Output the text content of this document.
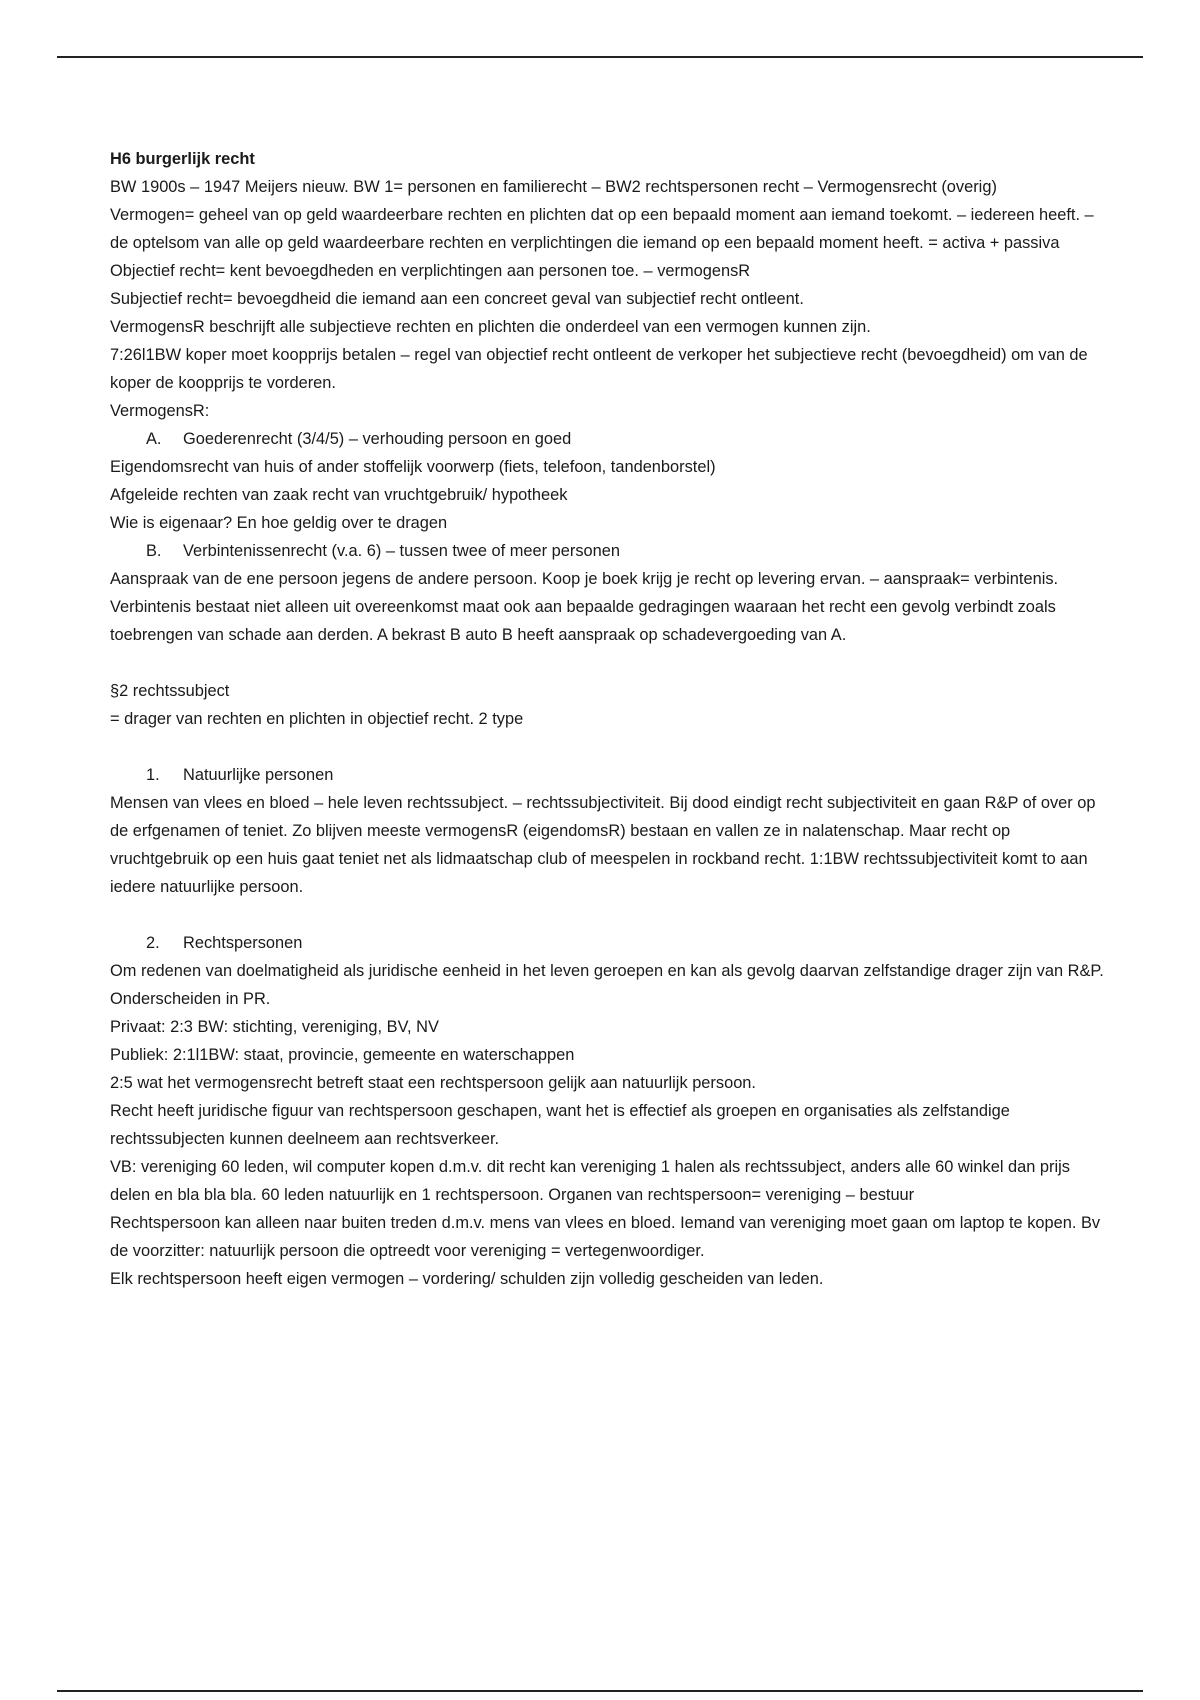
H6 burgerlijk recht

BW 1900s – 1947 Meijers nieuw. BW 1= personen en familierecht – BW2 rechtspersonen recht – Vermogensrecht (overig)

Vermogen= geheel van op geld waardeerbare rechten en plichten dat op een bepaald moment aan iemand toekomt. – iedereen heeft. – de optelsom van alle op geld waardeerbare rechten en verplichtingen die iemand op een bepaald moment heeft. = activa + passiva

Objectief recht= kent bevoegdheden en verplichtingen aan personen toe. – vermogensR

Subjectief recht= bevoegdheid die iemand aan een concreet geval van subjectief recht ontleent.

VermogensR beschrijft alle subjectieve rechten en plichten die onderdeel van een vermogen kunnen zijn.

7:26l1BW koper moet koopprijs betalen – regel van objectief recht ontleent de verkoper het subjectieve recht (bevoegdheid) om van de koper de koopprijs te vorderen.

VermogensR:

A.	Goederenrecht (3/4/5) – verhouding persoon en goed

Eigendomsrecht van huis of ander stoffelijk voorwerp (fiets, telefoon, tandenborstel)

Afgeleide rechten van zaak recht van vruchtgebruik/ hypotheek

Wie is eigenaar? En hoe geldig over te dragen

B.	Verbintenissenrecht (v.a. 6) – tussen twee of meer personen

Aanspraak van de ene persoon jegens de andere persoon. Koop je boek krijg je recht op levering ervan. – aanspraak= verbintenis. Verbintenis bestaat niet alleen uit overeenkomst maat ook aan bepaalde gedragingen waaraan het recht een gevolg verbindt zoals toebrengen van schade aan derden. A bekrast B auto B heeft aanspraak op schadevergoeding van A.

§2 rechtssubject

= drager van rechten en plichten in objectief recht. 2 type

1.	Natuurlijke personen

Mensen van vlees en bloed – hele leven rechtssubject. – rechtssubjectiviteit. Bij dood eindigt recht subjectiviteit en gaan R&P of over op de erfgenamen of teniet. Zo blijven meeste vermogensR (eigendomsR) bestaan en vallen ze in nalatenschap. Maar recht op vruchtgebruik op een huis gaat teniet net als lidmaatschap club of meespelen in rockband recht. 1:1BW rechtssubjectiviteit komt to aan iedere natuurlijke persoon.

2.	Rechtspersonen

Om redenen van doelmatigheid als juridische eenheid in het leven geroepen en kan als gevolg daarvan zelfstandige drager zijn van R&P. Onderscheiden in PR.

Privaat: 2:3 BW: stichting, vereniging, BV, NV

Publiek: 2:1l1BW: staat, provincie, gemeente en waterschappen

2:5 wat het vermogensrecht betreft staat een rechtspersoon gelijk aan natuurlijk persoon.

Recht heeft juridische figuur van rechtspersoon geschapen, want het is effectief als groepen en organisaties als zelfstandige rechtssubjecten kunnen deelneem aan rechtsverkeer.

VB: vereniging 60 leden, wil computer kopen d.m.v. dit recht kan vereniging 1 halen als rechtssubject, anders alle 60 winkel dan prijs delen en bla bla bla. 60 leden natuurlijk en 1 rechtspersoon. Organen van rechtspersoon= vereniging – bestuur

Rechtspersoon kan alleen naar buiten treden d.m.v. mens van vlees en bloed. Iemand van vereniging moet gaan om laptop te kopen. Bv de voorzitter: natuurlijk persoon die optreedt voor vereniging = vertegenwoordiger.

Elk rechtspersoon heeft eigen vermogen – vordering/ schulden zijn volledig gescheiden van leden.
